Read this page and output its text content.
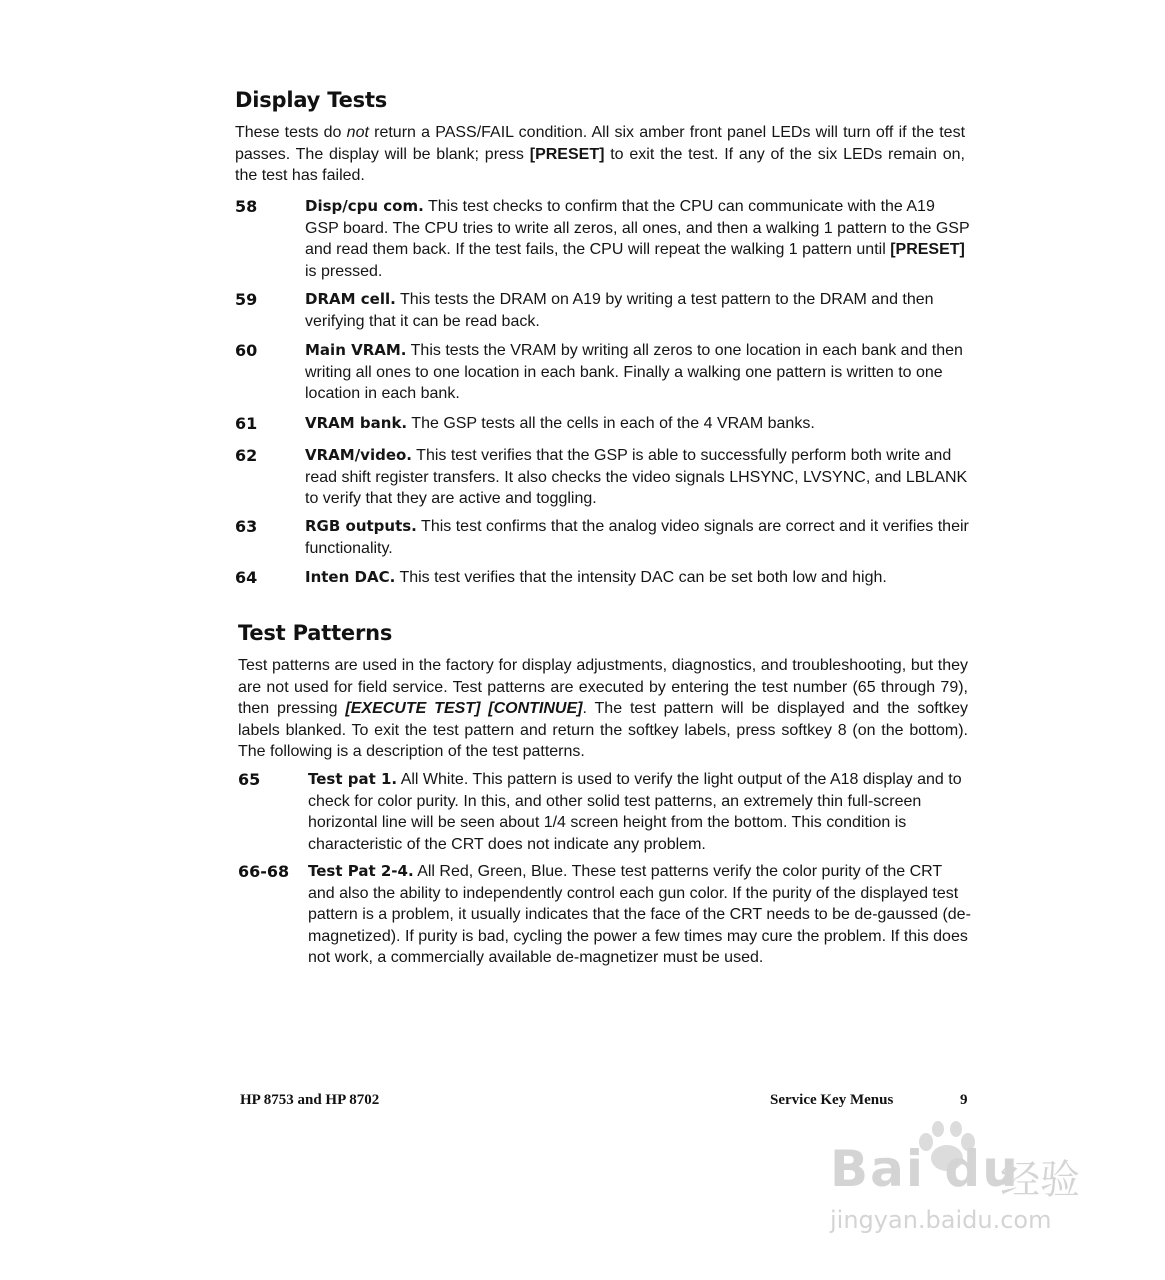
Display Tests

These tests do not return a PASS/FAIL condition. All six amber front panel LEDs will turn off if the test passes. The display will be blank; press [PRESET] to exit the test. If any of the six LEDs remain on, the test has failed.

58	Disp/cpu com. This test checks to confirm that the CPU can communicate with the A19 GSP board. The CPU tries to write all zeros, all ones, and then a walking 1 pattern to the GSP and read them back. If the test fails, the CPU will repeat the walking 1 pattern until [PRESET] is pressed.
59	DRAM cell. This tests the DRAM on A19 by writing a test pattern to the DRAM and then verifying that it can be read back.
60	Main VRAM. This tests the VRAM by writing all zeros to one location in each bank and then writing all ones to one location in each bank. Finally a walking one pattern is written to one location in each bank.
61	VRAM bank. The GSP tests all the cells in each of the 4 VRAM banks.
62	VRAM/video. This test verifies that the GSP is able to successfully perform both write and read shift register transfers. It also checks the video signals LHSYNC, LVSYNC, and LBLANK to verify that they are active and toggling.
63	RGB outputs. This test confirms that the analog video signals are correct and it verifies their functionality.
64	Inten DAC. This test verifies that the intensity DAC can be set both low and high.
Test Patterns

Test patterns are used in the factory for display adjustments, diagnostics, and troubleshooting, but they are not used for field service. Test patterns are executed by entering the test number (65 through 79), then pressing [EXECUTE TEST] [CONTINUE]. The test pattern will be displayed and the softkey labels blanked. To exit the test pattern and return the softkey labels, press softkey 8 (on the bottom). The following is a description of the test patterns.

65	Test pat 1. All White. This pattern is used to verify the light output of the A18 display and to check for color purity. In this, and other solid test patterns, an extremely thin full-screen horizontal line will be seen about 1/4 screen height from the bottom. This condition is characteristic of the CRT does not indicate any problem.
66-68 Test Pat 2-4. All Red, Green, Blue. These test patterns verify the color purity of the CRT and also the ability to independently control each gun color. If the purity of the displayed test pattern is a problem, it usually indicates that the face of the CRT needs to be de-gaussed (de-magnetized). If purity is bad, cycling the power a few times may cure the problem. If this does not work, a commercially available de-magnetizer must be used.
HP 8753 and HP 8702	Service Key Menus	9
Bai du
经验
jingyan.baidu.com
